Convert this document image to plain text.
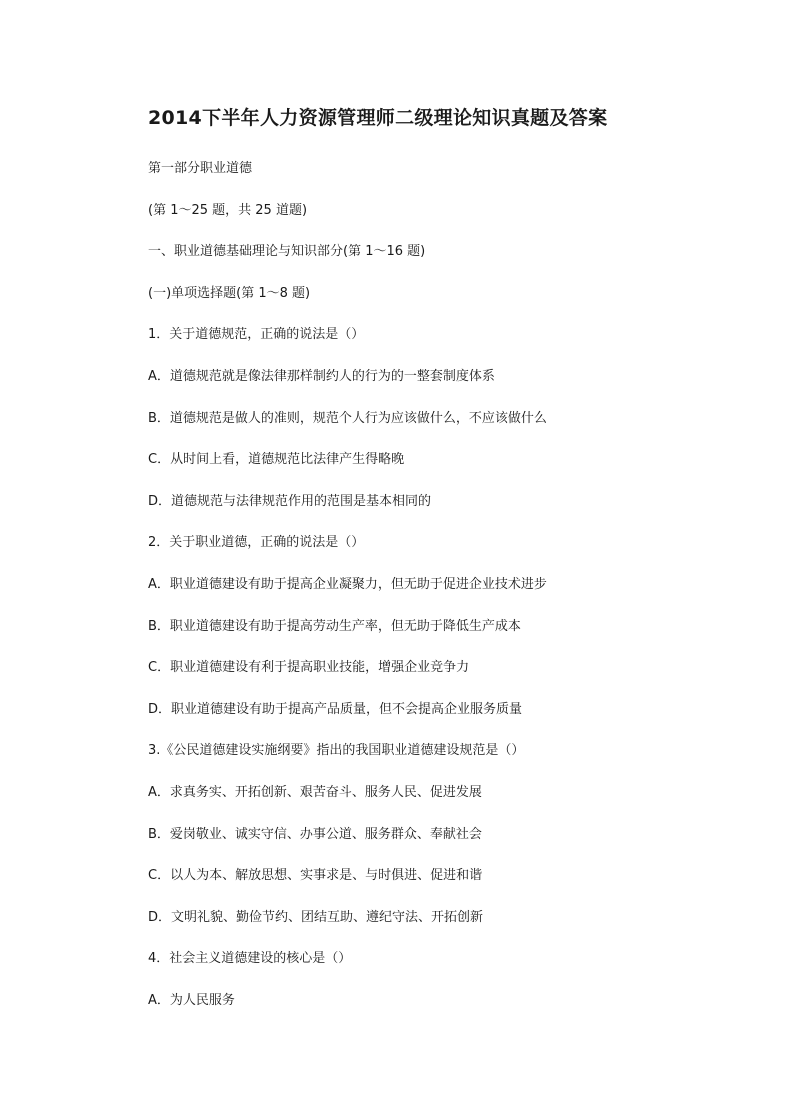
2014下半年人力资源管理师二级理论知识真题及答案
第一部分职业道德
(第 1～25 题，共 25 道题)
一、职业道德基础理论与知识部分(第 1～16 题)
(一)单项选择题(第 1～8 题)
1．关于道德规范，正确的说法是（）
A．道德规范就是像法律那样制约人的行为的一整套制度体系
B．道德规范是做人的准则，规范个人行为应该做什么，不应该做什么
C．从时间上看，道德规范比法律产生得略晚
D．道德规范与法律规范作用的范围是基本相同的
2．关于职业道德，正确的说法是（）
A．职业道德建设有助于提高企业凝聚力，但无助于促进企业技术进步
B．职业道德建设有助于提高劳动生产率，但无助于降低生产成本
C．职业道德建设有利于提高职业技能，增强企业竞争力
D．职业道德建设有助于提高产品质量，但不会提高企业服务质量
3.《公民道德建设实施纲要》指出的我国职业道德建设规范是（）
A．求真务实、开拓创新、艰苦奋斗、服务人民、促进发展
B．爱岗敬业、诚实守信、办事公道、服务群众、奉献社会
C．以人为本、解放思想、实事求是、与时俱进、促进和谐
D．文明礼貌、勤俭节约、团结互助、遵纪守法、开拓创新
4．社会主义道德建设的核心是（）
A．为人民服务
